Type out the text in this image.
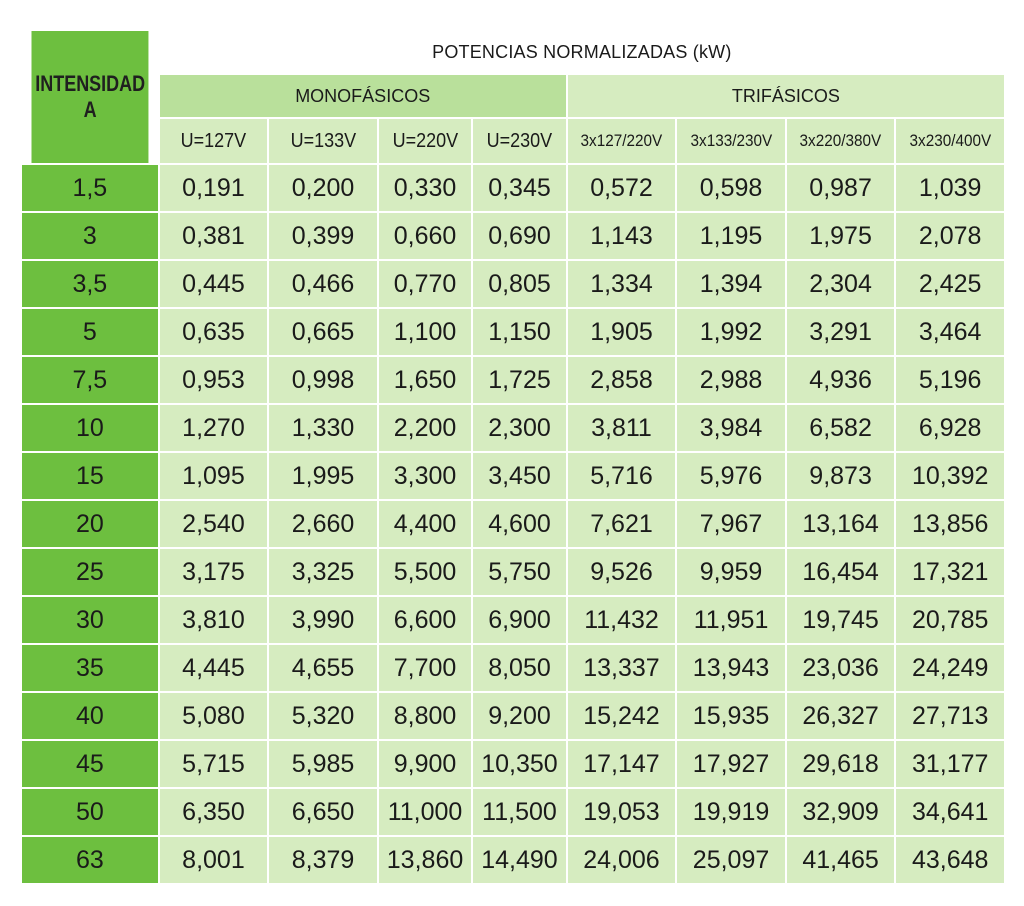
INTENSIDAD
A	POTENCIAS NORMALIZADAS (kW)							
	MONOFÁSICOS				TRIFÁSICOS			
	U=127V	U=133V	U=220V	U=230V	3x127/220V	3x133/230V	3x220/380V	3x230/400V
1,5	0,191	0,200	0,330	0,345	0,572	0,598	0,987	1,039
3	0,381	0,399	0,660	0,690	1,143	1,195	1,975	2,078
3,5	0,445	0,466	0,770	0,805	1,334	1,394	2,304	2,425
5	0,635	0,665	1,100	1,150	1,905	1,992	3,291	3,464
7,5	0,953	0,998	1,650	1,725	2,858	2,988	4,936	5,196
10	1,270	1,330	2,200	2,300	3,811	3,984	6,582	6,928
15	1,095	1,995	3,300	3,450	5,716	5,976	9,873	10,392
20	2,540	2,660	4,400	4,600	7,621	7,967	13,164	13,856
25	3,175	3,325	5,500	5,750	9,526	9,959	16,454	17,321
30	3,810	3,990	6,600	6,900	11,432	11,951	19,745	20,785
35	4,445	4,655	7,700	8,050	13,337	13,943	23,036	24,249
40	5,080	5,320	8,800	9,200	15,242	15,935	26,327	27,713
45	5,715	5,985	9,900	10,350	17,147	17,927	29,618	31,177
50	6,350	6,650	11,000	11,500	19,053	19,919	32,909	34,641
63	8,001	8,379	13,860	14,490	24,006	25,097	41,465	43,648
